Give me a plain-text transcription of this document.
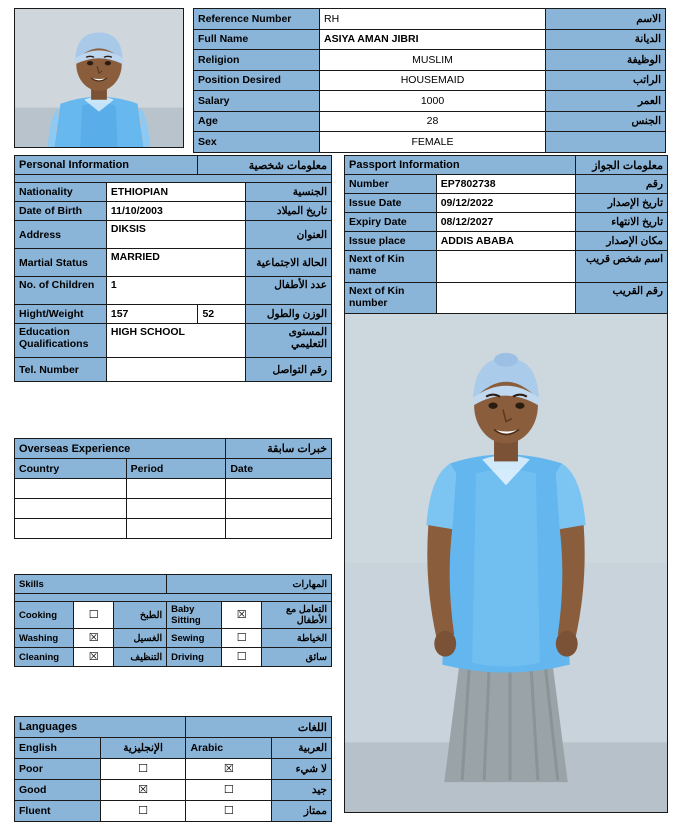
Reference Number	RH	الاسم
Full Name	ASIYA AMAN JIBRI	الديانة
Religion	MUSLIM	الوظيفة
Position Desired	HOUSEMAID	الراتب
Salary	1000	العمر
Age	28	الجنس
Sex	FEMALE	
Personal Information		معلومات شخصية	

Nationality	ETHIOPIAN		الجنسية
Date of Birth	11/10/2003		تاريخ الميلاد
Address	DIKSIS		العنوان
Martial Status	MARRIED		الحالة الاجتماعية
No. of Children	1		عدد الأطفال
Hight/Weight	157	52	الوزن والطول
Education Qualifications	HIGH SCHOOL		المستوى التعليمي
Tel. Number			رقم التواصل
Passport Information		معلومات الجواز
Number	EP7802738	رقم
Issue Date	09/12/2022	تاريخ الإصدار
Expiry Date	08/12/2027	تاريخ الانتهاء
Issue place	ADDIS ABABA	مكان الإصدار
Next of Kin name		اسم شخص قريب
Next of Kin number		رقم القريب
Overseas Experience		خبرات سابقة
Country	Period	Date

Skills			المهارات		

Cooking	☐	الطبخ	Baby Sitting	☒	التعامل مع الأطفال
Washing	☒	الغسيل	Sewing	☐	الخياطة
Cleaning	☒	التنظيف	Driving	☐	سائق
Languages		اللغات	
English	الإنجليزية	Arabic	العربية
Poor	☐	☒	لا شيء
Good	☒	☐	جيد
Fluent	☐	☐	ممتاز
